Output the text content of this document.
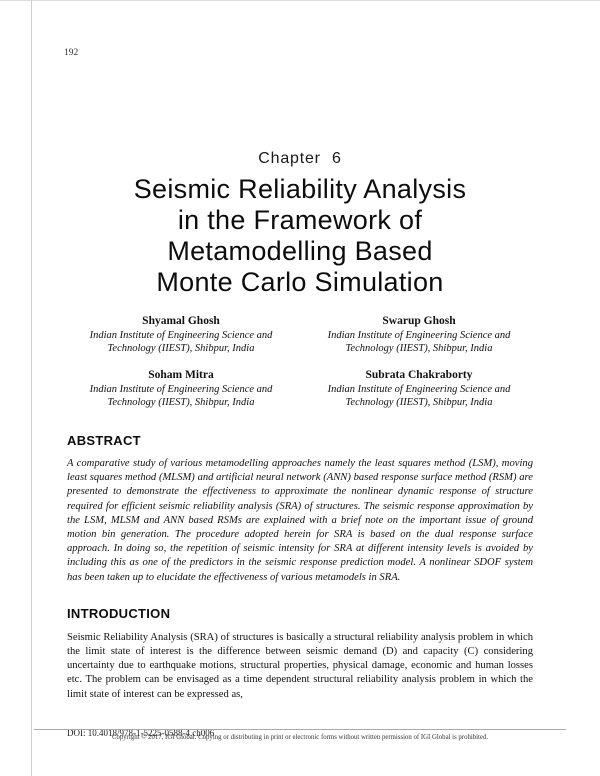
192
Chapter 6
Seismic Reliability Analysis
in the Framework of
Metamodelling Based
Monte Carlo Simulation
Shyamal Ghosh
Indian Institute of Engineering Science and Technology (IIEST), Shibpur, India
Swarup Ghosh
Indian Institute of Engineering Science and Technology (IIEST), Shibpur, India
Soham Mitra
Indian Institute of Engineering Science and Technology (IIEST), Shibpur, India
Subrata Chakraborty
Indian Institute of Engineering Science and Technology (IIEST), Shibpur, India
ABSTRACT

A comparative study of various metamodelling approaches namely the least squares method (LSM), moving least squares method (MLSM) and artificial neural network (ANN) based response surface method (RSM) are presented to demonstrate the effectiveness to approximate the nonlinear dynamic response of structure required for efficient seismic reliability analysis (SRA) of structures. The seismic response approximation by the LSM, MLSM and ANN based RSMs are explained with a brief note on the important issue of ground motion bin generation. The procedure adopted herein for SRA is based on the dual response surface approach. In doing so, the repetition of seismic intensity for SRA at different intensity levels is avoided by including this as one of the predictors in the seismic response prediction model. A nonlinear SDOF system has been taken up to elucidate the effectiveness of various metamodels in SRA.

INTRODUCTION

Seismic Reliability Analysis (SRA) of structures is basically a structural reliability analysis problem in which the limit state of interest is the difference between seismic demand (D) and capacity (C) considering uncertainty due to earthquake motions, structural properties, physical damage, economic and human losses etc. The problem can be envisaged as a time dependent structural reliability analysis problem in which the limit state of interest can be expressed as,

DOI: 10.4018/978-1-5225-0588-4.ch006
Copyright © 2017, IGI Global. Copying or distributing in print or electronic forms without written permission of IGI Global is prohibited.
